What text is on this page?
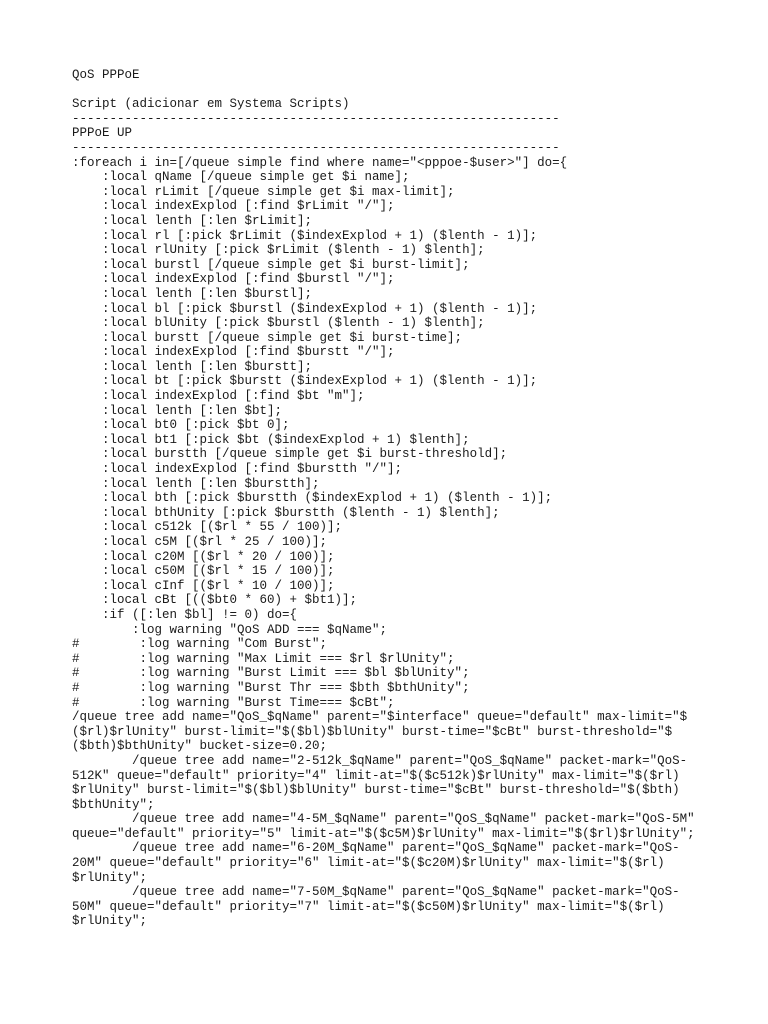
QoS PPPoE
Script (adicionar em Systema Scripts)
-----------------------------------------------------------------
PPPoE UP
-----------------------------------------------------------------
:foreach i in=[/queue simple find where name="<pppoe-$user>"] do={
:local qName [/queue simple get $i name];
:local rLimit [/queue simple get $i max-limit];
:local indexExplod [:find $rLimit "/"];
:local lenth [:len $rLimit];
:local rl [:pick $rLimit ($indexExplod + 1) ($lenth - 1)];
:local rlUnity [:pick $rLimit ($lenth - 1) $lenth];
:local burstl [/queue simple get $i burst-limit];
:local indexExplod [:find $burstl "/"];
:local lenth [:len $burstl];
:local bl [:pick $burstl ($indexExplod + 1) ($lenth - 1)];
:local blUnity [:pick $burstl ($lenth - 1) $lenth];
:local burstt [/queue simple get $i burst-time];
:local indexExplod [:find $burstt "/"];
:local lenth [:len $burstt];
:local bt [:pick $burstt ($indexExplod + 1) ($lenth - 1)];
:local indexExplod [:find $bt "m"];
:local lenth [:len $bt];
:local bt0 [:pick $bt 0];
:local bt1 [:pick $bt ($indexExplod + 1) $lenth];
:local burstth [/queue simple get $i burst-threshold];
:local indexExplod [:find $burstth "/"];
:local lenth [:len $burstth];
:local bth [:pick $burstth ($indexExplod + 1) ($lenth - 1)];
:local bthUnity [:pick $burstth ($lenth - 1) $lenth];
:local c512k [($rl * 55 / 100)];
:local c5M [($rl * 25 / 100)];
:local c20M [($rl * 20 / 100)];
:local c50M [($rl * 15 / 100)];
:local cInf [($rl * 10 / 100)];
:local cBt [(($bt0 * 60) + $bt1)];
:if ([:len $bl] != 0) do={
:log warning "QoS ADD === $qName";
#        :log warning "Com Burst";
#        :log warning "Max Limit === $rl $rlUnity";
#        :log warning "Burst Limit === $bl $blUnity";
#        :log warning "Burst Thr === $bth $bthUnity";
#        :log warning "Burst Time=== $cBt";
/queue tree add name="QoS_$qName" parent="$interface" queue="default" max-limit="$
($rl)$rlUnity" burst-limit="$($bl)$blUnity" burst-time="$cBt" burst-threshold="$
($bth)$bthUnity" bucket-size=0.20;
/queue tree add name="2-512k_$qName" parent="QoS_$qName" packet-mark="QoS-
512K" queue="default" priority="4" limit-at="$($c512k)$rlUnity" max-limit="$($rl)
$rlUnity" burst-limit="$($bl)$blUnity" burst-time="$cBt" burst-threshold="$($bth)
$bthUnity";
/queue tree add name="4-5M_$qName" parent="QoS_$qName" packet-mark="QoS-5M"
queue="default" priority="5" limit-at="$($c5M)$rlUnity" max-limit="$($rl)$rlUnity";
/queue tree add name="6-20M_$qName" parent="QoS_$qName" packet-mark="QoS-
20M" queue="default" priority="6" limit-at="$($c20M)$rlUnity" max-limit="$($rl)
$rlUnity";
/queue tree add name="7-50M_$qName" parent="QoS_$qName" packet-mark="QoS-
50M" queue="default" priority="7" limit-at="$($c50M)$rlUnity" max-limit="$($rl)
$rlUnity";
